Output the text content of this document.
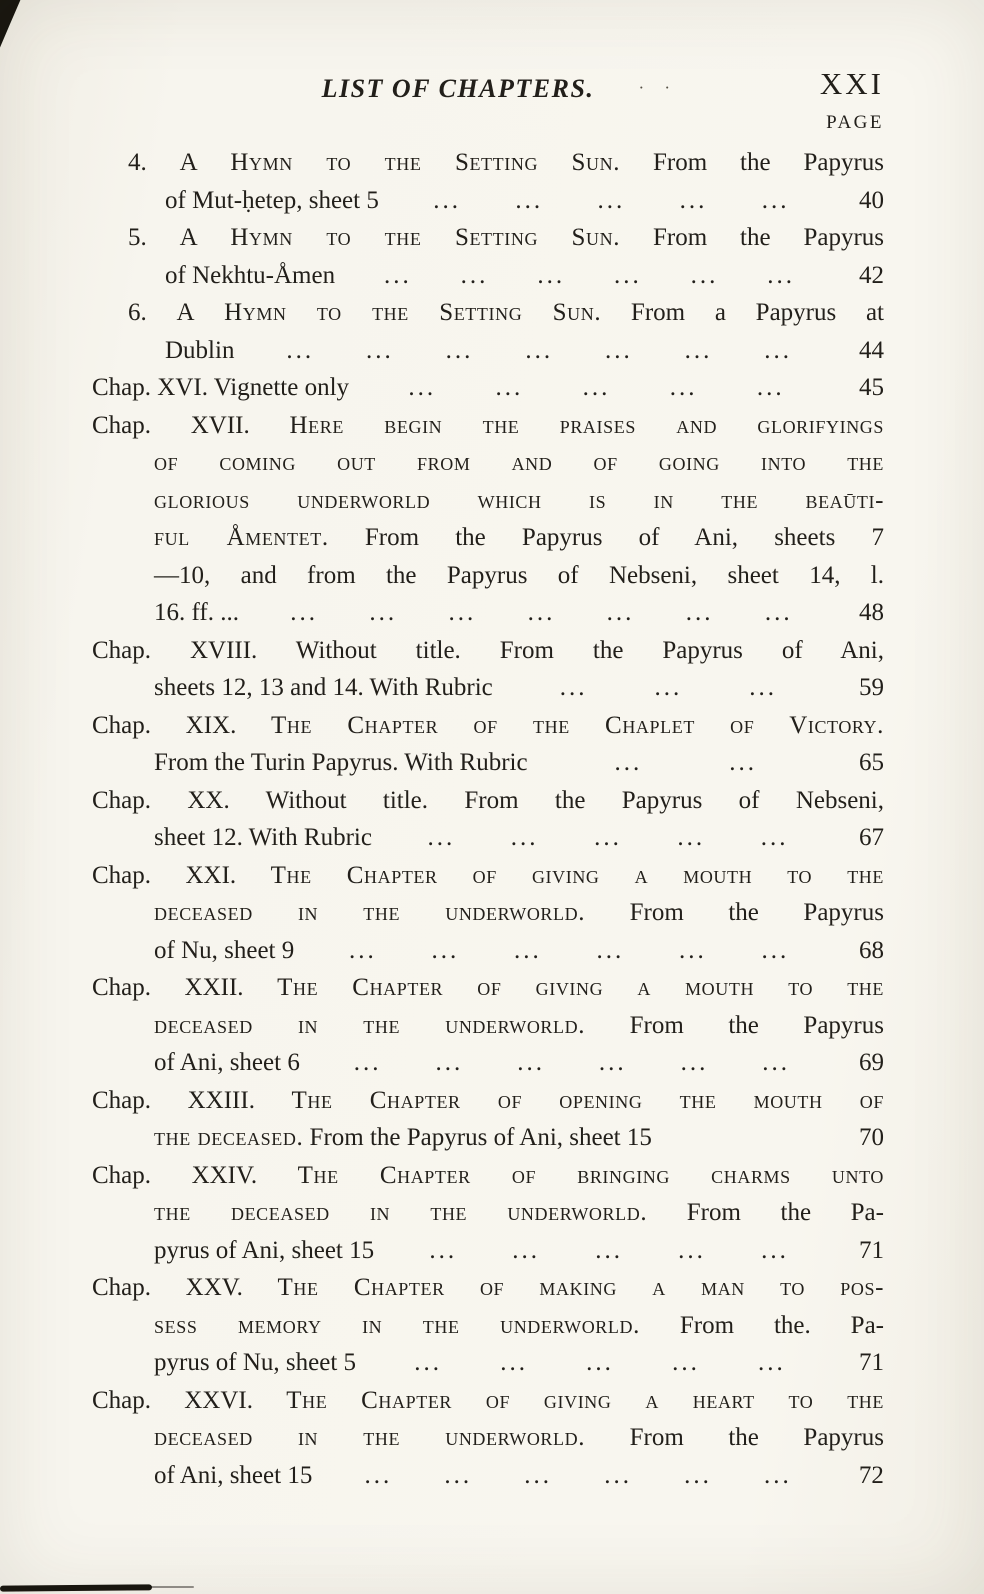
LIST OF CHAPTERS.	· ·	XXI
PAGE
4. A Hymn to the Setting Sun. From the Papyrus
of Mut-ḥetep, sheet 5 ... ... ... ... ...	40
5. A Hymn to the Setting Sun. From the Papyrus
of Nekhtu-Åmen ... ... ... ... ... ...	42
6. A Hymn to the Setting Sun. From a Papyrus at
Dublin ... ... ... ... ... ... ...	44
Chap. XVI. Vignette only ... ... ... ... ...	45
Chap. XVII. Here begin the praises and glorifyings
of coming out from and of going into the
glorious underworld which is in the beaūti-
ful Åmentet. From the Papyrus of Ani, sheets 7
—10, and from the Papyrus of Nebseni, sheet 14, l.
16. ff. ... ... ... ... ... ... ... ...	48
Chap. XVIII. Without title. From the Papyrus of Ani,
sheets 12, 13 and 14. With Rubric	...	...	...	59
Chap. XIX. The Chapter of the Chaplet of Victory.
From the Turin Papyrus. With Rubric	...	...	65
Chap. XX. Without title. From the Papyrus of Nebseni,
sheet 12. With Rubric ... ... ... ... ...	67
Chap. XXI. The Chapter of giving a mouth to the
deceased in the underworld. From the Papyrus
of Nu, sheet 9 ... ... ... ... ... ...	68
Chap. XXII. The Chapter of giving a mouth to the
deceased in the underworld. From the Papyrus
of Ani, sheet 6 ... ... ... ... ... ...	69
Chap. XXIII. The Chapter of opening the mouth of
the deceased. From the Papyrus of Ani, sheet 15	70
Chap. XXIV. The Chapter of bringing charms unto
the deceased in the underworld. From the Pa-
pyrus of Ani, sheet 15 ... ... ... ... ...	71
Chap. XXV. The Chapter of making a man to pos-
sess memory in the underworld. From the. Pa-
pyrus of Nu, sheet 5 ... ... ... ... ...	71
Chap. XXVI. The Chapter of giving a heart to the
deceased in the underworld. From the Papyrus
of Ani, sheet 15 ... ... ... ... ... ...	72
